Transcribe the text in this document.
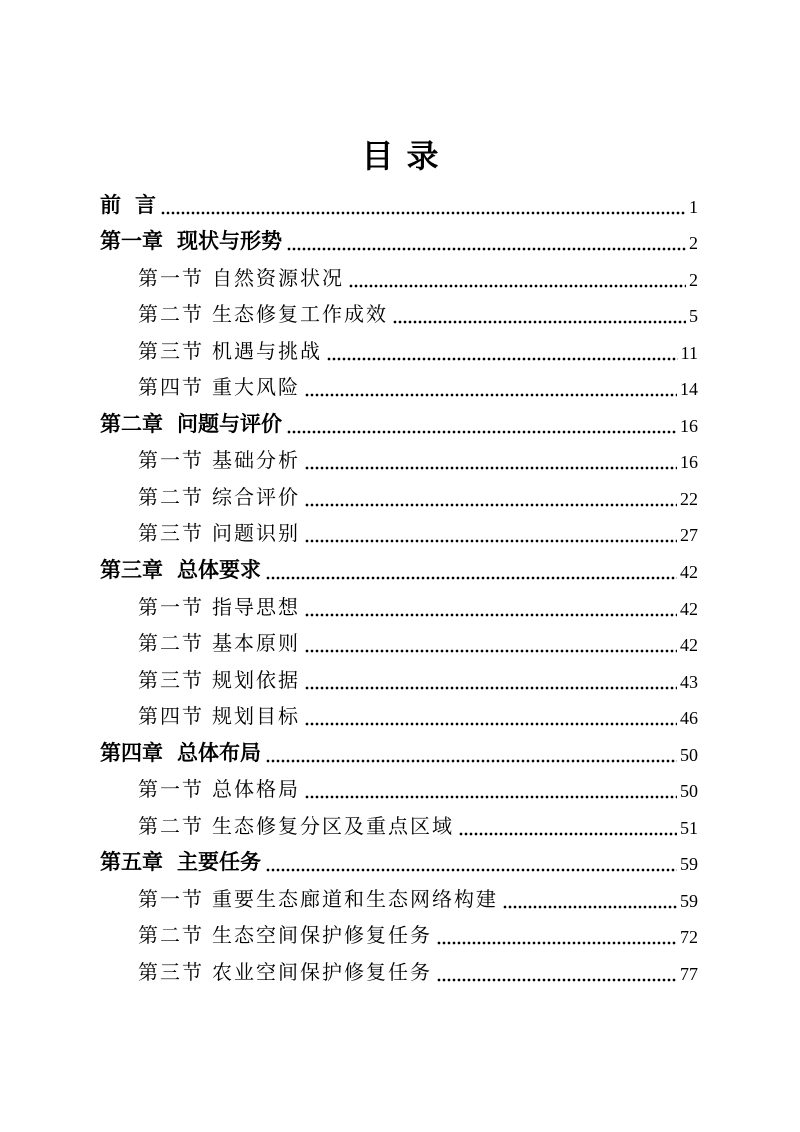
目 录
前 言	1
第一章 现状与形势	2
第一节 自然资源状况	2
第二节 生态修复工作成效	5
第三节 机遇与挑战	11
第四节 重大风险	14
第二章 问题与评价	16
第一节 基础分析	16
第二节 综合评价	22
第三节 问题识别	27
第三章 总体要求	42
第一节 指导思想	42
第二节 基本原则	42
第三节 规划依据	43
第四节 规划目标	46
第四章 总体布局	50
第一节 总体格局	50
第二节 生态修复分区及重点区域	51
第五章 主要任务	59
第一节 重要生态廊道和生态网络构建	59
第二节 生态空间保护修复任务	72
第三节 农业空间保护修复任务	77
